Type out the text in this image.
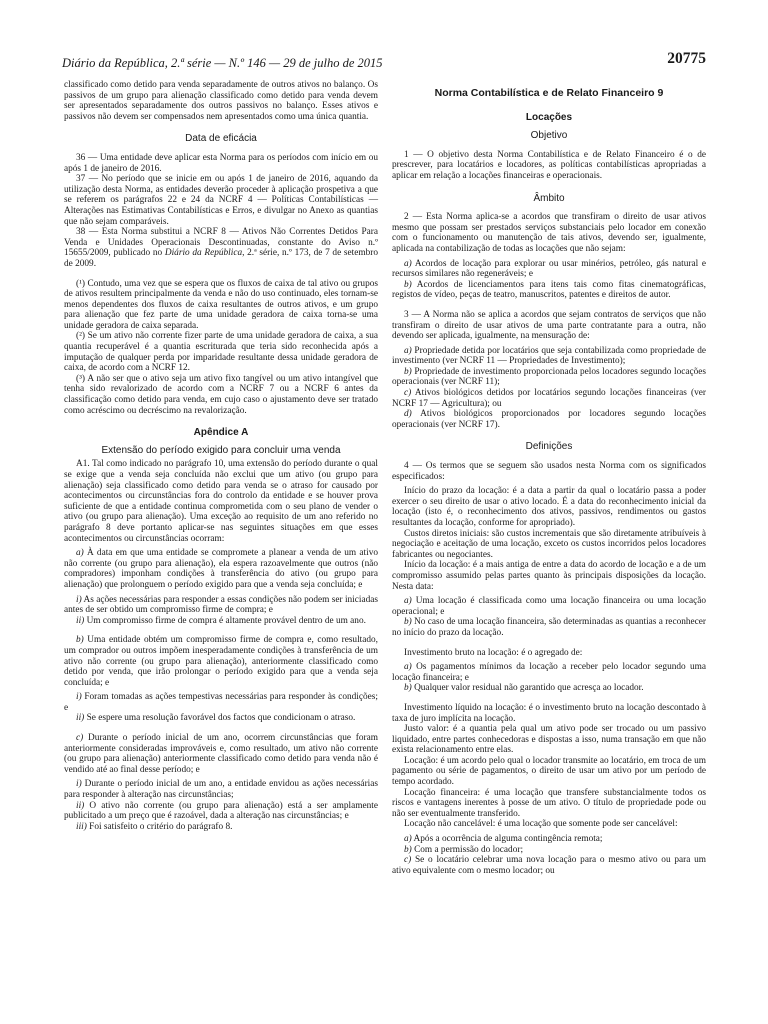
Diário da República, 2.ª série — N.º 146 — 29 de julho de 2015	20775

classificado como detido para venda separadamente de outros ativos no balanço. Os passivos de um grupo para alienação classificado como detido para venda devem ser apresentados separadamente dos outros passivos no balanço. Esses ativos e passivos não devem ser compensados nem apresentados como uma única quantia.

Data de eficácia

36 — Uma entidade deve aplicar esta Norma para os períodos com início em ou após 1 de janeiro de 2016.

37 — No período que se inicie em ou após 1 de janeiro de 2016, aquando da utilização desta Norma, as entidades deverão proceder à aplicação prospetiva a que se referem os parágrafos 22 e 24 da NCRF 4 — Políticas Contabilísticas — Alterações nas Estimativas Contabilísticas e Erros, e divulgar no Anexo as quantias que não sejam comparáveis.

38 — Esta Norma substitui a NCRF 8 — Ativos Não Correntes Detidos Para Venda e Unidades Operacionais Descontinuadas, constante do Aviso n.º 15655/2009, publicado no Diário da República, 2.ª série, n.º 173, de 7 de setembro de 2009.

(¹) Contudo, uma vez que se espera que os fluxos de caixa de tal ativo ou grupos de ativos resultem principalmente da venda e não do uso continuado, eles tornam-se menos dependentes dos fluxos de caixa resultantes de outros ativos, e um grupo para alienação que fez parte de uma unidade geradora de caixa torna-se uma unidade geradora de caixa separada.

(²) Se um ativo não corrente fizer parte de uma unidade geradora de caixa, a sua quantia recuperável é a quantia escriturada que teria sido reconhecida após a imputação de qualquer perda por imparidade resultante dessa unidade geradora de caixa, de acordo com a NCRF 12.

(³) A não ser que o ativo seja um ativo fixo tangível ou um ativo intangível que tenha sido revalorizado de acordo com a NCRF 7 ou a NCRF 6 antes da classificação como detido para venda, em cujo caso o ajustamento deve ser tratado como acréscimo ou decréscimo na revalorização.

Apêndice A
Extensão do período exigido para concluir uma venda

A1. Tal como indicado no parágrafo 10, uma extensão do período durante o qual se exige que a venda seja concluída não exclui que um ativo (ou grupo para alienação) seja classificado como detido para venda se o atraso for causado por acontecimentos ou circunstâncias fora do controlo da entidade e se houver prova suficiente de que a entidade continua comprometida com o seu plano de vender o ativo (ou grupo para alienação). Uma exceção ao requisito de um ano referido no parágrafo 8 deve portanto aplicar-se nas seguintes situações em que esses acontecimentos ou circunstâncias ocorram:

a) À data em que uma entidade se compromete a planear a venda de um ativo não corrente (ou grupo para alienação), ela espera razoavelmente que outros (não compradores) imponham condições à transferência do ativo (ou grupo para alienação) que prolonguem o período exigido para que a venda seja concluída; e

i) As ações necessárias para responder a essas condições não podem ser iniciadas antes de ser obtido um compromisso firme de compra; e

ii) Um compromisso firme de compra é altamente provável dentro de um ano.

b) Uma entidade obtém um compromisso firme de compra e, como resultado, um comprador ou outros impõem inesperadamente condições à transferência de um ativo não corrente (ou grupo para alienação), anteriormente classificado como detido por venda, que irão prolongar o período exigido para que a venda seja concluída; e

i) Foram tomadas as ações tempestivas necessárias para responder às condições; e

ii) Se espere uma resolução favorável dos factos que condicionam o atraso.

c) Durante o período inicial de um ano, ocorrem circunstâncias que foram anteriormente consideradas improváveis e, como resultado, um ativo não corrente (ou grupo para alienação) anteriormente classificado como detido para venda não é vendido até ao final desse período; e

i) Durante o período inicial de um ano, a entidade envidou as ações necessárias para responder à alteração nas circunstâncias;

ii) O ativo não corrente (ou grupo para alienação) está a ser amplamente publicitado a um preço que é razoável, dada a alteração nas circunstâncias; e

iii) Foi satisfeito o critério do parágrafo 8.

Norma Contabilística e de Relato Financeiro 9
Locações
Objetivo

1 — O objetivo desta Norma Contabilística e de Relato Financeiro é o de prescrever, para locatários e locadores, as políticas contabilísticas apropriadas a aplicar em relação a locações financeiras e operacionais.

Âmbito

2 — Esta Norma aplica-se a acordos que transfiram o direito de usar ativos mesmo que possam ser prestados serviços substanciais pelo locador em conexão com o funcionamento ou manutenção de tais ativos, devendo ser, igualmente, aplicada na contabilização de todas as locações que não sejam:

a) Acordos de locação para explorar ou usar minérios, petróleo, gás natural e recursos similares não regeneráveis; e

b) Acordos de licenciamentos para itens tais como fitas cinematográficas, registos de vídeo, peças de teatro, manuscritos, patentes e direitos de autor.

3 — A Norma não se aplica a acordos que sejam contratos de serviços que não transfiram o direito de usar ativos de uma parte contratante para a outra, não devendo ser aplicada, igualmente, na mensuração de:

a) Propriedade detida por locatários que seja contabilizada como propriedade de investimento (ver NCRF 11 — Propriedades de Investimento);

b) Propriedade de investimento proporcionada pelos locadores segundo locações operacionais (ver NCRF 11);

c) Ativos biológicos detidos por locatários segundo locações financeiras (ver NCRF 17 — Agricultura); ou

d) Ativos biológicos proporcionados por locadores segundo locações operacionais (ver NCRF 17).

Definições

4 — Os termos que se seguem são usados nesta Norma com os significados especificados:

Início do prazo da locação: é a data a partir da qual o locatário passa a poder exercer o seu direito de usar o ativo locado. É a data do reconhecimento inicial da locação (isto é, o reconhecimento dos ativos, passivos, rendimentos ou gastos resultantes da locação, conforme for apropriado).

Custos diretos iniciais: são custos incrementais que são diretamente atribuíveis à negociação e aceitação de uma locação, exceto os custos incorridos pelos locadores fabricantes ou negociantes.

Início da locação: é a mais antiga de entre a data do acordo de locação e a de um compromisso assumido pelas partes quanto às principais disposições da locação. Nesta data:

a) Uma locação é classificada como uma locação financeira ou uma locação operacional; e

b) No caso de uma locação financeira, são determinadas as quantias a reconhecer no início do prazo da locação.

Investimento bruto na locação: é o agregado de:

a) Os pagamentos mínimos da locação a receber pelo locador segundo uma locação financeira; e

b) Qualquer valor residual não garantido que acresça ao locador.

Investimento líquido na locação: é o investimento bruto na locação descontado à taxa de juro implícita na locação.

Justo valor: é a quantia pela qual um ativo pode ser trocado ou um passivo liquidado, entre partes conhecedoras e dispostas a isso, numa transação em que não exista relacionamento entre elas.

Locação: é um acordo pelo qual o locador transmite ao locatário, em troca de um pagamento ou série de pagamentos, o direito de usar um ativo por um período de tempo acordado.

Locação financeira: é uma locação que transfere substancialmente todos os riscos e vantagens inerentes à posse de um ativo. O título de propriedade pode ou não ser eventualmente transferido.

Locação não cancelável: é uma locação que somente pode ser cancelável:

a) Após a ocorrência de alguma contingência remota;

b) Com a permissão do locador;

c) Se o locatário celebrar uma nova locação para o mesmo ativo ou para um ativo equivalente com o mesmo locador; ou
